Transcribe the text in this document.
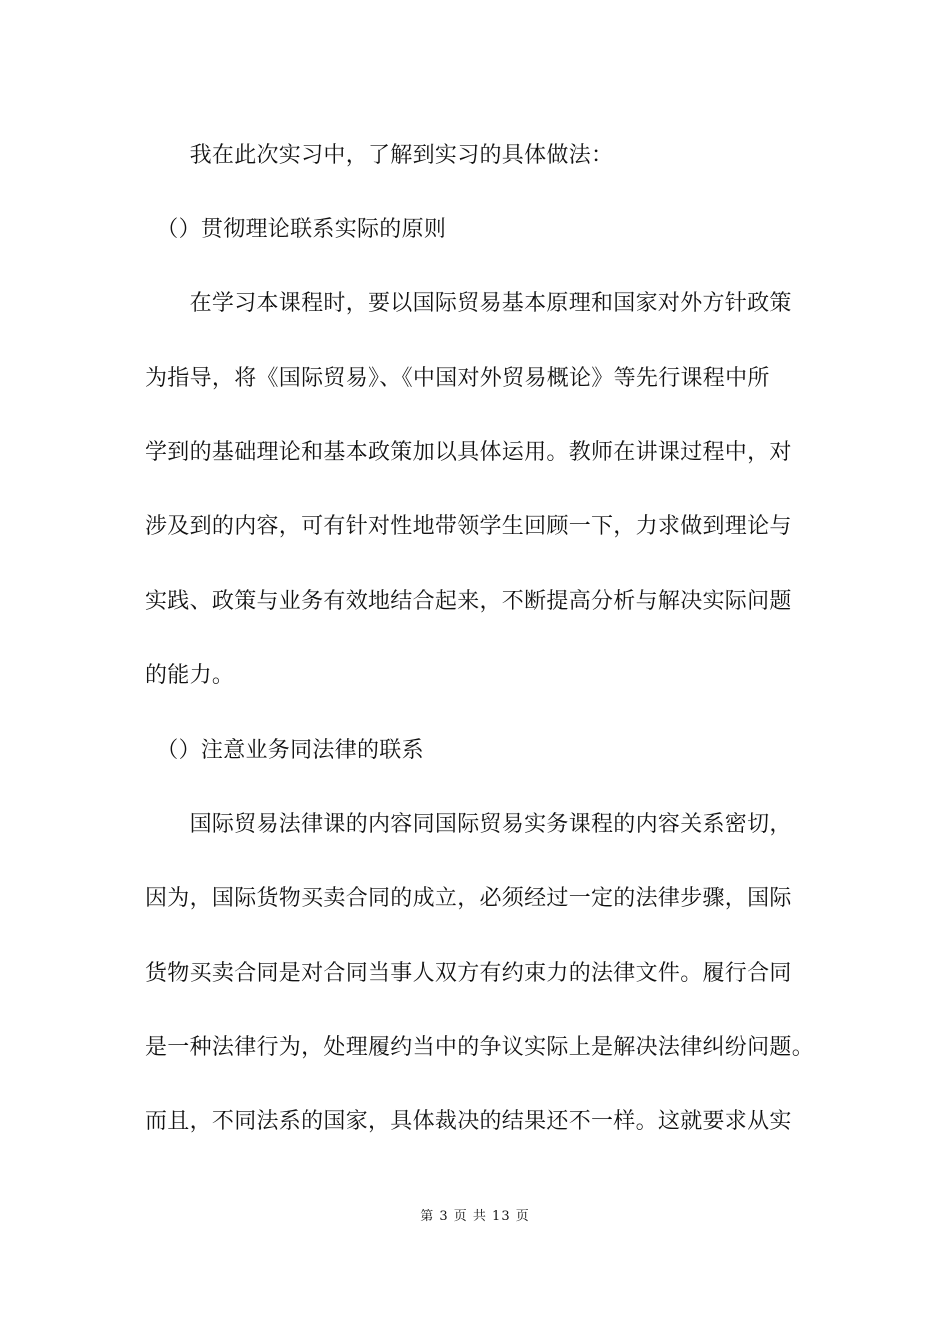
　　我在此次实习中，了解到实习的具体做法：
　（）贯彻理论联系实际的原则
　　在学习本课程时，要以国际贸易基本原理和国家对外方针政策
为指导，将《国际贸易》、《中国对外贸易概论》等先行课程中所
学到的基础理论和基本政策加以具体运用。教师在讲课过程中，对
涉及到的内容，可有针对性地带领学生回顾一下，力求做到理论与
实践、政策与业务有效地结合起来，不断提高分析与解决实际问题
的能力。
　（）注意业务同法律的联系
　　国际贸易法律课的内容同国际贸易实务课程的内容关系密切，
因为，国际货物买卖合同的成立，必须经过一定的法律步骤，国际
货物买卖合同是对合同当事人双方有约束力的法律文件。履行合同
是一种法律行为，处理履约当中的争议实际上是解决法律纠纷问题。
而且，不同法系的国家，具体裁决的结果还不一样。这就要求从实
第 3 页 共 13 页
